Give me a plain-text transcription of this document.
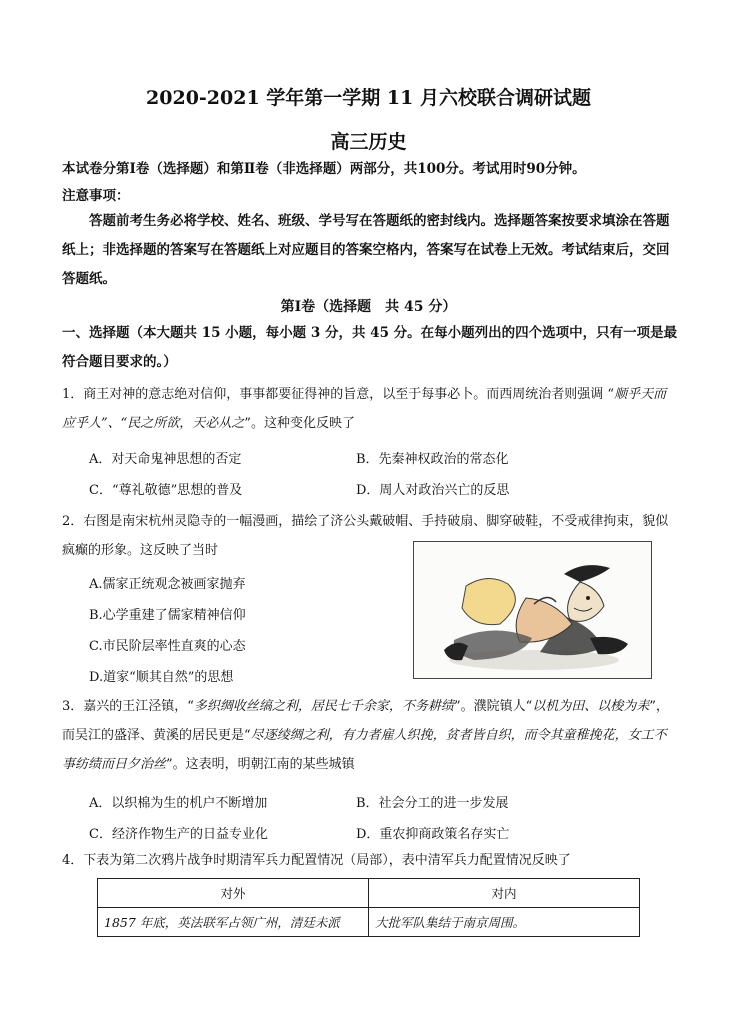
2020-2021 学年第一学期 11 月六校联合调研试题
高三历史
本试卷分第Ⅰ卷（选择题）和第Ⅱ卷（非选择题）两部分，共100分。考试用时90分钟。
注意事项：
答题前考生务必将学校、姓名、班级、学号写在答题纸的密封线内。选择题答案按要求填涂在答题纸上；非选择题的答案写在答题纸上对应题目的答案空格内，答案写在试卷上无效。考试结束后，交回答题纸。
第Ⅰ卷（选择题　共 45 分）
一、选择题（本大题共 15 小题，每小题 3 分，共 45 分。在每小题列出的四个选项中，只有一项是最符合题目要求的。）
1．商王对神的意志绝对信仰，事事都要征得神的旨意，以至于每事必卜。而西周统治者则强调 “顺乎天而应乎人”、“民之所欲，天必从之”。这种变化反映了
A．对天命鬼神思想的否定	B．先秦神权政治的常态化
C．“尊礼敬德”思想的普及	D．周人对政治兴亡的反思
2．右图是南宋杭州灵隐寺的一幅漫画，描绘了济公头戴破帽、手持破扇、脚穿破鞋，不受戒律拘束，貌似疯癫的形象。这反映了当时
A.儒家正统观念被画家抛弃
B.心学重建了儒家精神信仰
C.市民阶层率性直爽的心态
D.道家“顺其自然”的思想
3．嘉兴的王江泾镇，“多织绸收丝缟之利，居民七千余家，不务耕绩”。濮院镇人“以机为田、以梭为耒”，而吴江的盛泽、黄溪的居民更是“尽逐绫绸之利，有力者雇人织挽，贫者皆自织，而令其童稚挽花，女工不事纺绩而日夕治丝”。这表明，明朝江南的某些城镇
A．以织棉为生的机户不断增加	B．社会分工的进一步发展
C．经济作物生产的日益专业化	D．重农抑商政策名存实亡
4．下表为第二次鸦片战争时期清军兵力配置情况（局部），表中清军兵力配置情况反映了
对外	对内
1857 年底，英法联军占领广州，清廷未派	大批军队集结于南京周围。
